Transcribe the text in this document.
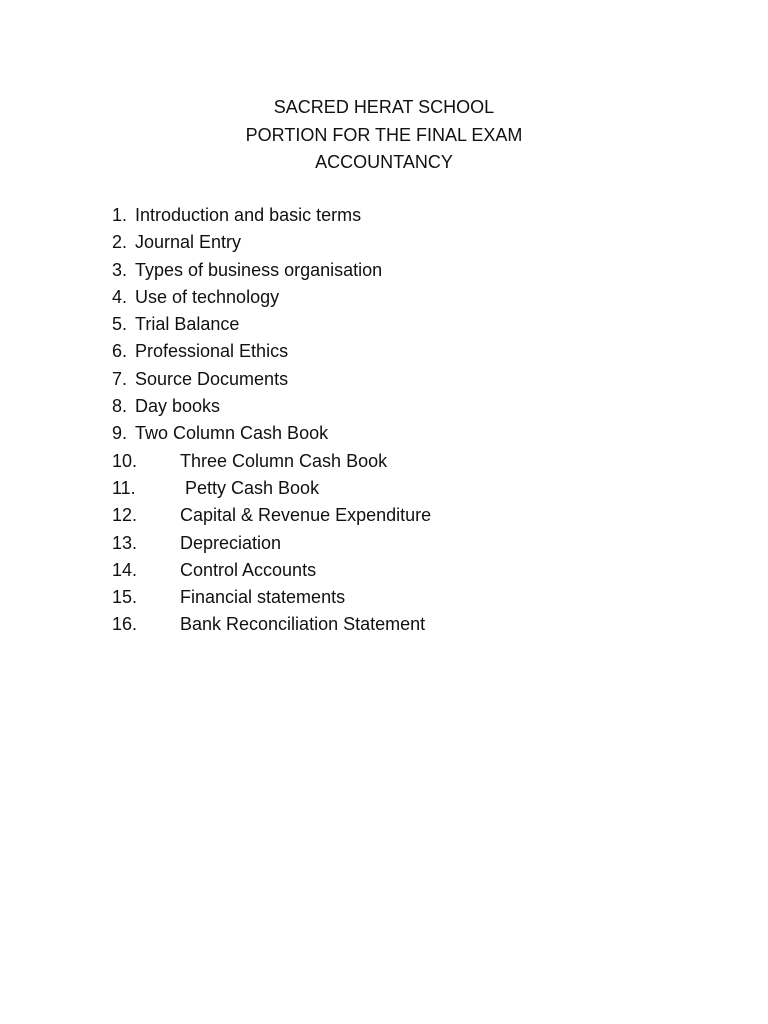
SACRED HERAT SCHOOL
PORTION FOR THE FINAL EXAM
ACCOUNTANCY
1. Introduction and basic terms
2. Journal Entry
3. Types of business organisation
4. Use of technology
5. Trial Balance
6. Professional Ethics
7. Source Documents
8. Day books
9. Two Column Cash Book
10. Three Column Cash Book
11.	Petty Cash Book
12. Capital & Revenue Expenditure
13. Depreciation
14. Control Accounts
15. Financial statements
16. Bank Reconciliation Statement
